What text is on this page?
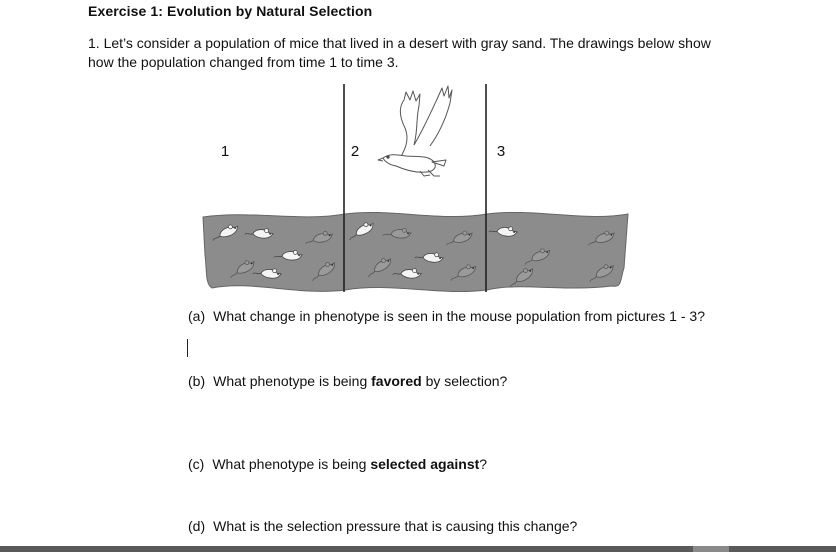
Exercise 1: Evolution by Natural Selection
1. Let’s consider a population of mice that lived in a desert with gray sand. The drawings below show
how the population changed from time 1 to time 3.
1	2	3
(a) What change in phenotype is seen in the mouse population from pictures 1 - 3?
(b) What phenotype is being favored by selection?
(c) What phenotype is being selected against?
(d) What is the selection pressure that is causing this change?
